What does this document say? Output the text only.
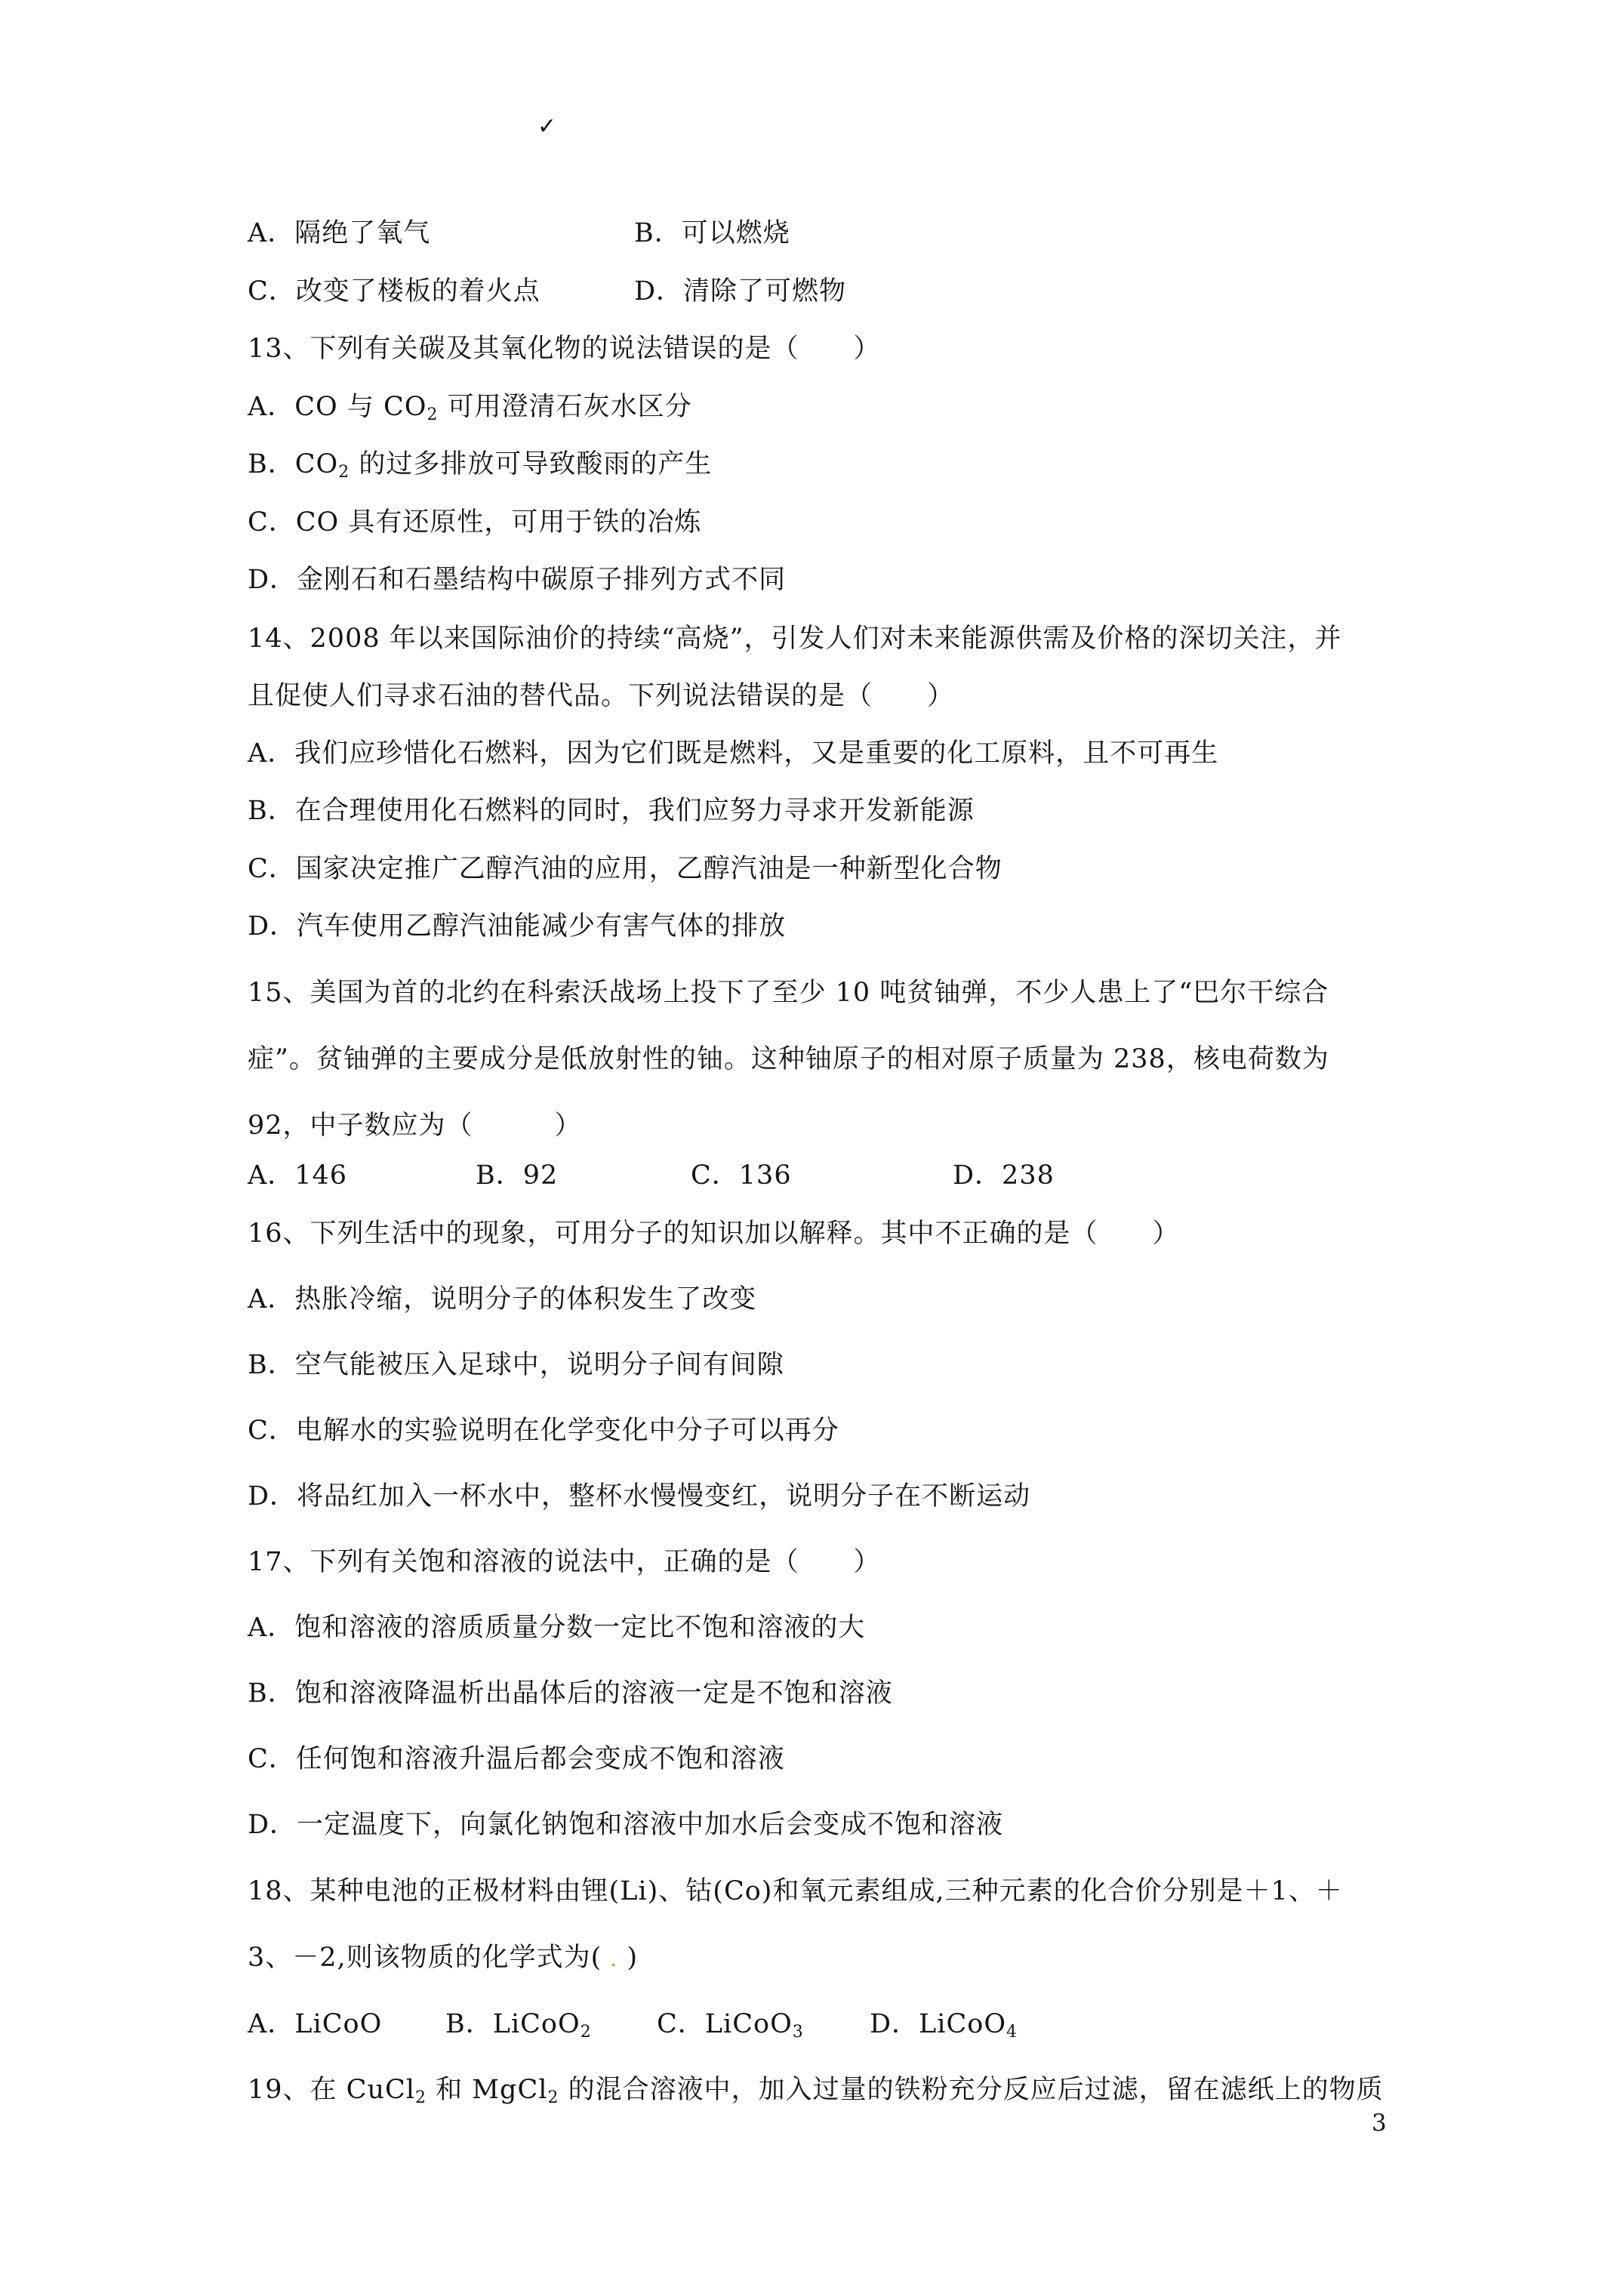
✓
A．隔绝了氧气	B．可以燃烧
C．改变了楼板的着火点	D．清除了可燃物
13、下列有关碳及其氧化物的说法错误的是（　　）
A．CO 与 $CO_2$ 可用澄清石灰水区分
B．$CO_2$ 的过多排放可导致酸雨的产生
C．CO 具有还原性，可用于铁的冶炼
D．金刚石和石墨结构中碳原子排列方式不同
14、2008 年以来国际油价的持续“高烧”，引发人们对未来能源供需及价格的深切关注，并
且促使人们寻求石油的替代品。下列说法错误的是（　　）
A．我们应珍惜化石燃料，因为它们既是燃料，又是重要的化工原料，且不可再生
B．在合理使用化石燃料的同时，我们应努力寻求开发新能源
C．国家决定推广乙醇汽油的应用，乙醇汽油是一种新型化合物
D．汽车使用乙醇汽油能减少有害气体的排放
15、美国为首的北约在科索沃战场上投下了至少 10 吨贫铀弹，不少人患上了“巴尔干综合
症”。贫铀弹的主要成分是低放射性的铀。这种铀原子的相对原子质量为 238，核电荷数为
92，中子数应为（　　　）
A．146	B．92	C．136	D．238
16、下列生活中的现象，可用分子的知识加以解释。其中不正确的是（　　）
A．热胀冷缩，说明分子的体积发生了改变
B．空气能被压入足球中，说明分子间有间隙
C．电解水的实验说明在化学变化中分子可以再分
D．将品红加入一杯水中，整杯水慢慢变红，说明分子在不断运动
17、下列有关饱和溶液的说法中，正确的是（　　）
A．饱和溶液的溶质质量分数一定比不饱和溶液的大
B．饱和溶液降温析出晶体后的溶液一定是不饱和溶液
C．任何饱和溶液升温后都会变成不饱和溶液
D．一定温度下，向氯化钠饱和溶液中加水后会变成不饱和溶液
18、某种电池的正极材料由锂(Li)、钴(Co)和氧元素组成,三种元素的化合价分别是＋1、＋
3、－2,则该物质的化学式为( . )
A．LiCoO B．LiCoO$_2$ C．LiCoO$_3$ D．LiCoO$_4$
19、在 CuCl$_2$ 和 MgCl$_2$ 的混合溶液中，加入过量的铁粉充分反应后过滤，留在滤纸上的物质
3
